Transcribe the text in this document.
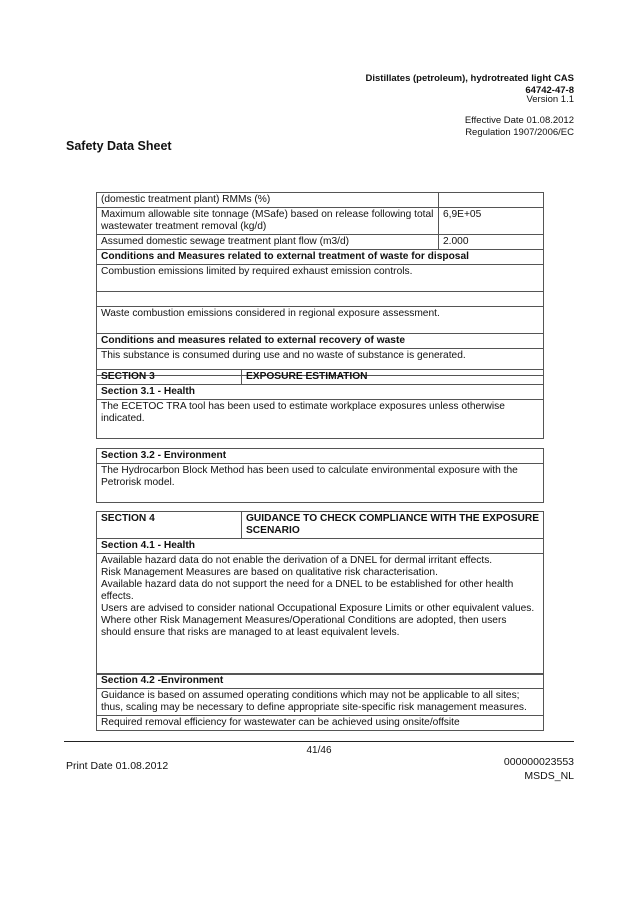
Distillates (petroleum), hydrotreated light CAS
64742-47-8
Version 1.1
Effective Date 01.08.2012
Regulation 1907/2006/EC
Safety Data Sheet
(domestic treatment plant) RMMs (%)	
Maximum allowable site tonnage (MSafe) based on release following total wastewater treatment removal (kg/d)	6,9E+05
Assumed domestic sewage treatment plant flow (m3/d)	2.000
Conditions and Measures related to external treatment of waste for disposal	
Combustion emissions limited by required exhaust emission controls.	

Waste combustion emissions considered in regional exposure assessment.	
Conditions and measures related to external recovery of waste	
This substance is consumed during use and no waste of substance is generated.	
SECTION 3	EXPOSURE ESTIMATION
Section 3.1 - Health
The ECETOC TRA tool has been used to estimate workplace exposures unless otherwise indicated.
Section 3.2 - Environment
The Hydrocarbon Block Method has been used to calculate environmental exposure with the Petrorisk model.
SECTION 4	GUIDANCE TO CHECK COMPLIANCE WITH THE EXPOSURE SCENARIO
Section 4.1 - Health

Available hazard data do not enable the derivation of a DNEL for dermal irritant effects.
Risk Management Measures are based on qualitative risk characterisation.
Available hazard data do not support the need for a DNEL to be established for other health effects.
Users are advised to consider national Occupational Exposure Limits or other equivalent values.
Where other Risk Management Measures/Operational Conditions are adopted, then users should ensure that risks are managed to at least equivalent levels.
Section 4.2 -Environment
Guidance is based on assumed operating conditions which may not be applicable to all sites; thus, scaling may be necessary to define appropriate site-specific risk management measures.
Required removal efficiency for wastewater can be achieved using onsite/offsite
41/46
Print Date 01.08.2012	000000023553
MSDS_NL
